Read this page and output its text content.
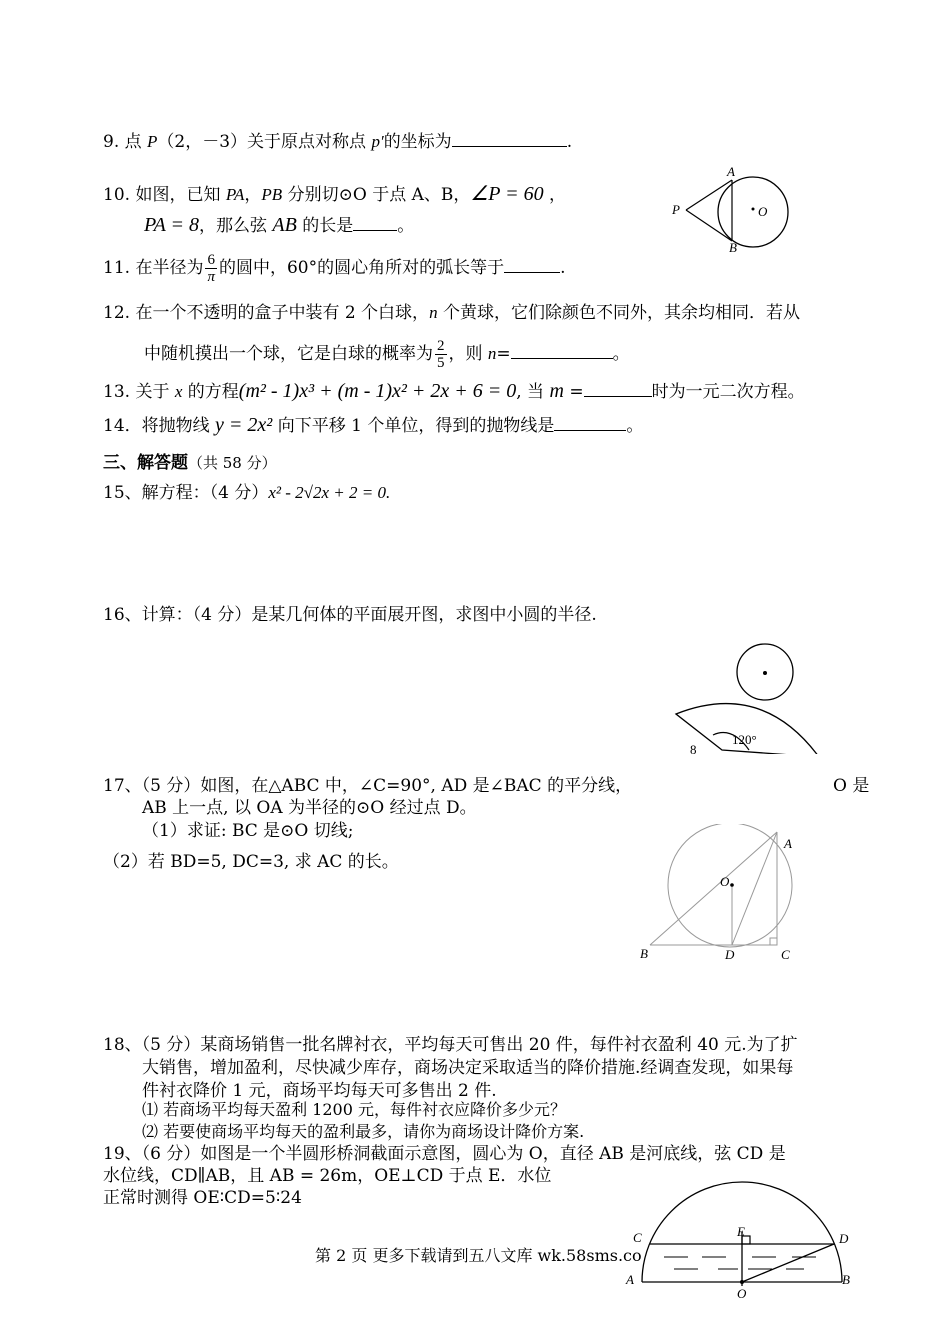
9. 点 P（2，－3）关于原点对称点 p′的坐标为	.
10. 如图，已知 PA，PB 分别切⊙O 于点 A、B，∠P = 60 ，
PA = 8，那么弦 AB 的长是	。
A
B
P	O
11. 在半径为 $\frac{6}{\pi}$ 的圆中，60°的圆心角所对的弧长等于	.
12. 在一个不透明的盒子中装有 2 个白球，n 个黄球，它们除颜色不同外，其余均相同．若从
中随机摸出一个球，它是白球的概率为 $\frac{2}{5}$ ，则 n=	。
13. 关于 x 的方程(m² - 1)x³ + (m - 1)x² + 2x + 6 = 0, 当 m =	时为一元二次方程。
14．将抛物线 y = 2x² 向下平移 1 个单位，得到的抛物线是	。
三、解答题（共 58 分）
15、解方程：（4 分）x² - 2√2x + 2 = 0.
16、计算：（4 分）是某几何体的平面展开图，求图中小圆的半径.
120°
8
17、（5 分）如图，在△ABC 中，∠C=90°, AD 是∠BAC 的平分线，	O 是
AB 上一点, 以 OA 为半径的⊙O 经过点 D。
（1）求证: BC 是⊙O 切线;
（2）若 BD=5, DC=3, 求 AC 的长。
A
B	C
D
O
18、（5 分）某商场销售一批名牌衬衣，平均每天可售出 20 件，每件衬衣盈利 40 元.为了扩
大销售，增加盈利，尽快减少库存，商场决定采取适当的降价措施.经调查发现，如果每
件衬衣降价 1 元，商场平均每天可多售出 2 件.
⑴ 若商场平均每天盈利 1200 元，每件衬衣应降价多少元？
⑵ 若要使商场平均每天的盈利最多，请你为商场设计降价方案.
19、（6 分）如图是一个半圆形桥洞截面示意图，圆心为 O，直径 AB 是河底线，弦 CD 是
水位线，CD∥AB，且 AB = 26m，OE⊥CD 于点 E．水位
正常时测得 OE∶CD=5∶24
C	D
E
A	B
O
第 2 页 更多下载请到五八文库 wk.58sms.co
